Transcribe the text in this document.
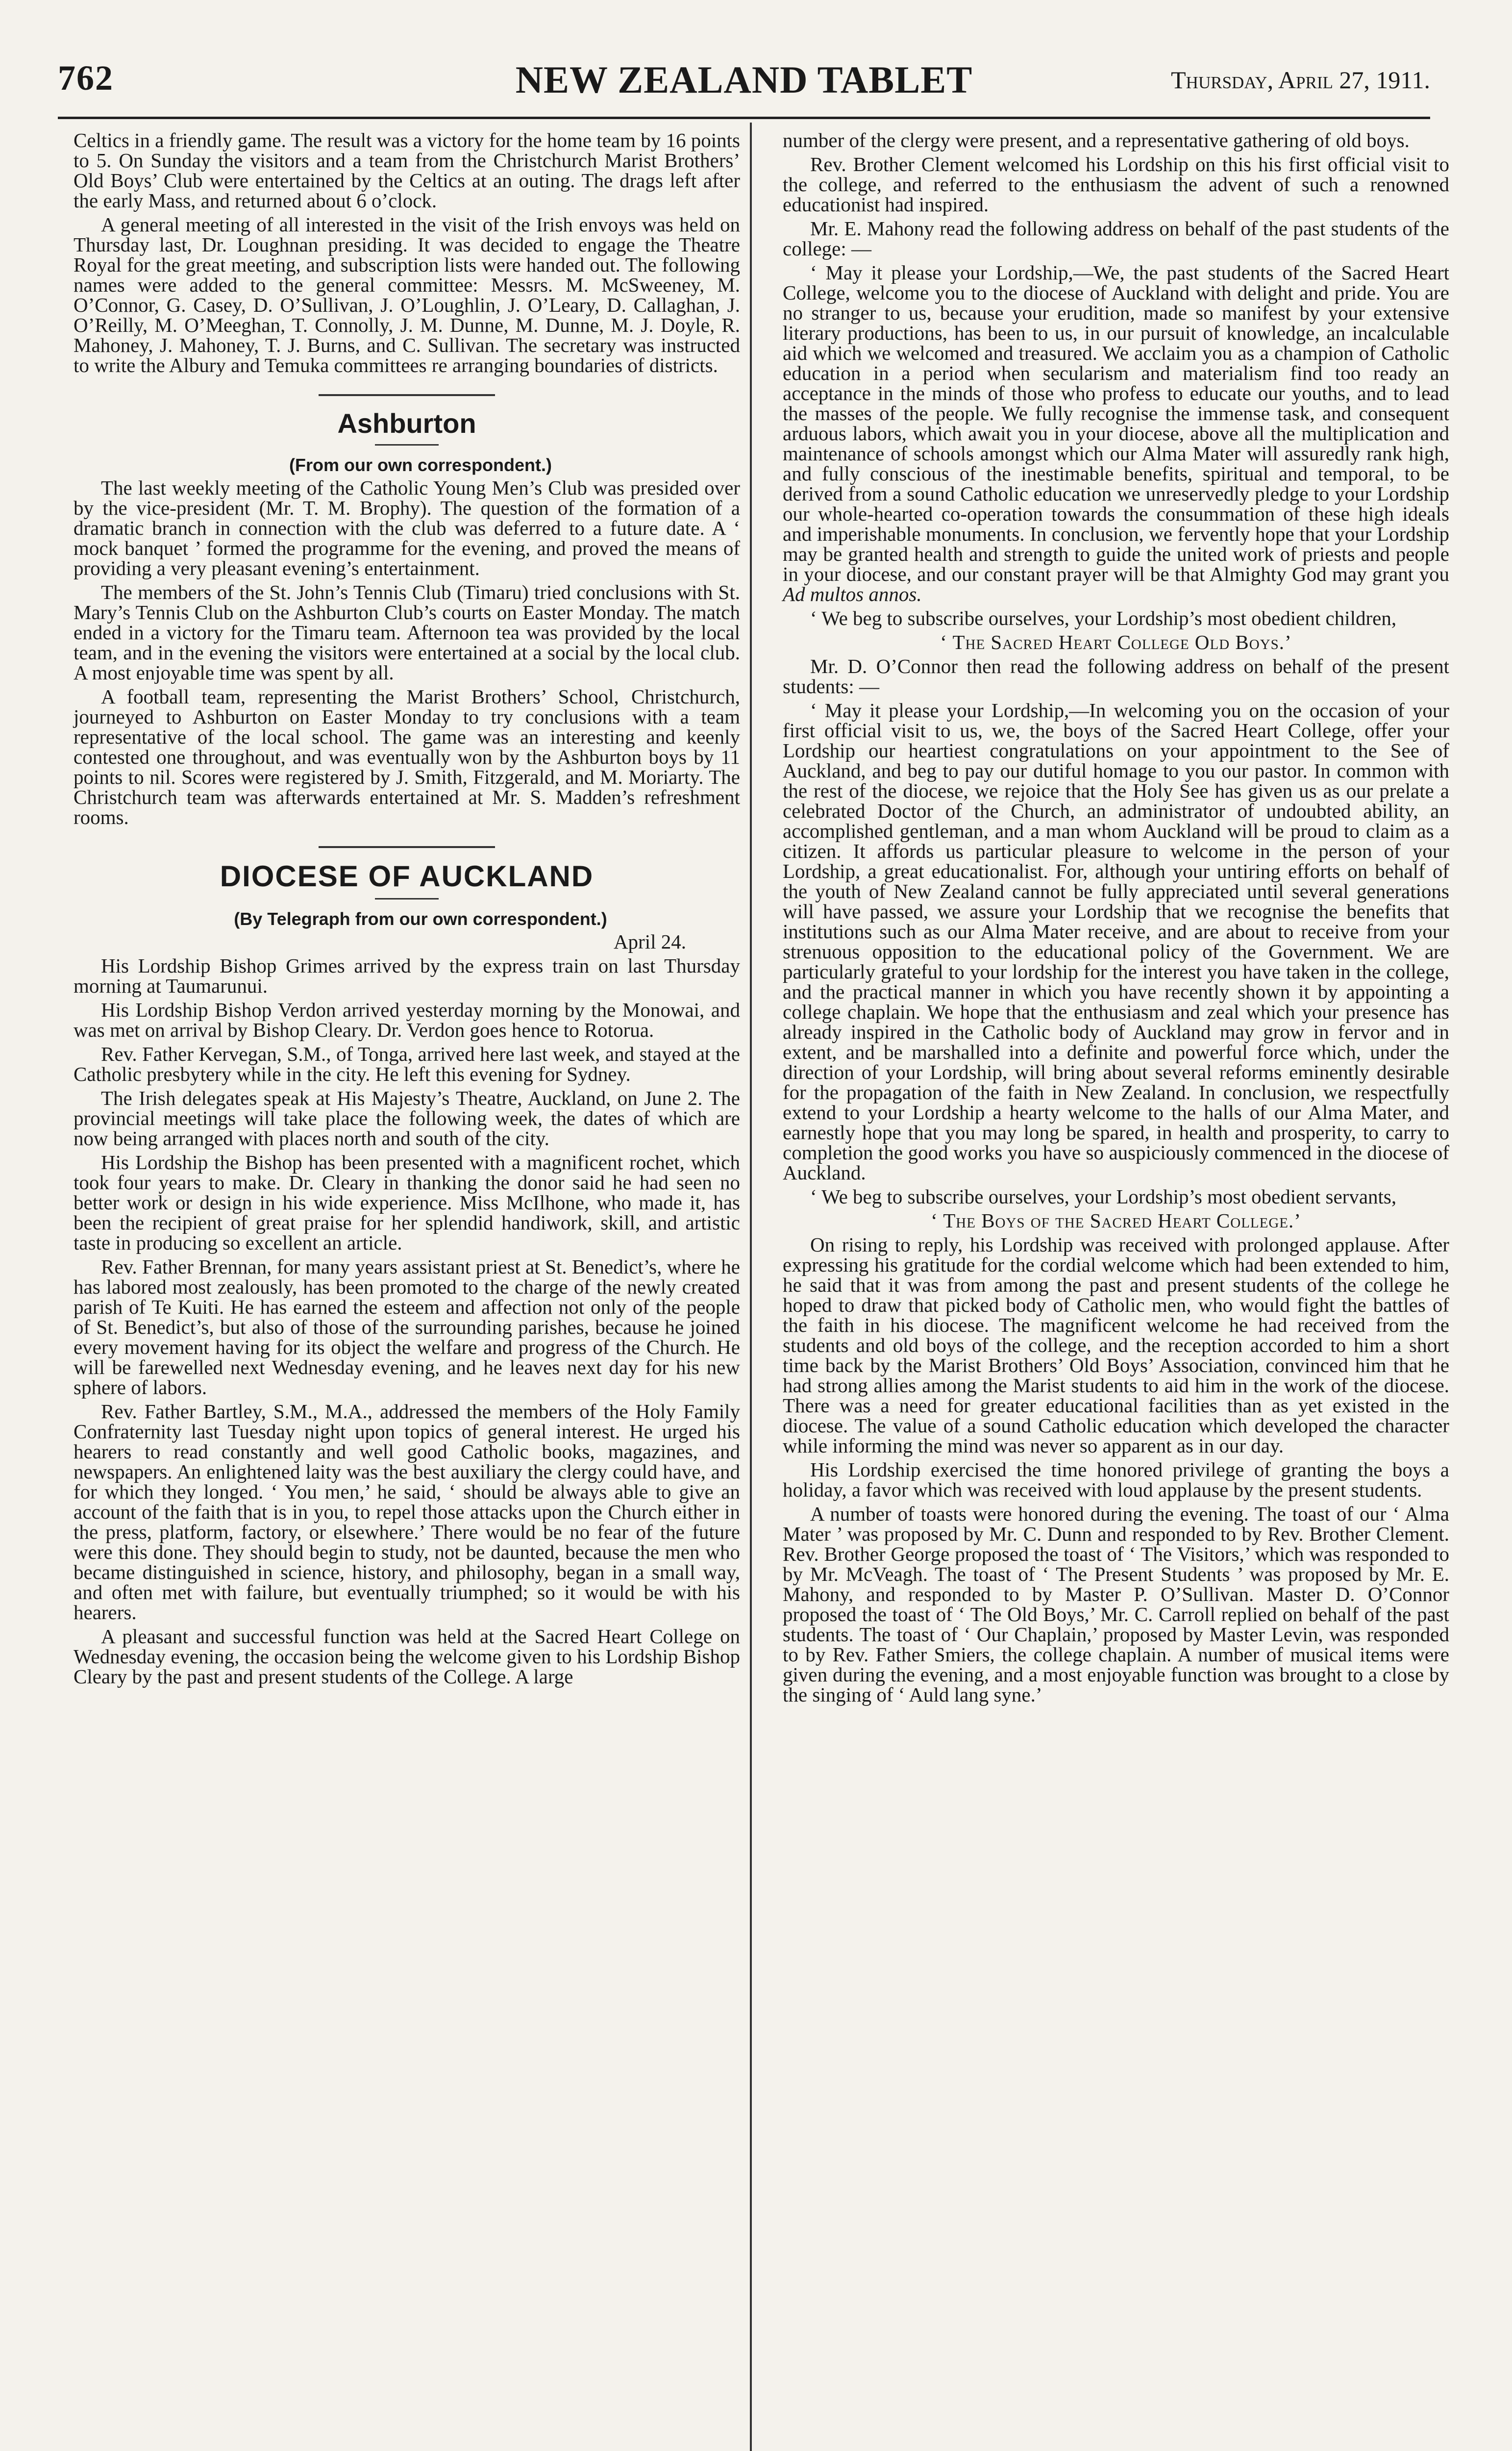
762	NEW ZEALAND TABLET	Thursday, April 27, 1911.

Celtics in a friendly game. The result was a victory for the home team by 16 points to 5. On Sunday the visitors and a team from the Christchurch Marist Brothers’ Old Boys’ Club were entertained by the Celtics at an outing. The drags left after the early Mass, and returned about 6 o’clock.

A general meeting of all interested in the visit of the Irish envoys was held on Thursday last, Dr. Loughnan presiding. It was decided to engage the Theatre Royal for the great meeting, and subscription lists were handed out. The following names were added to the general committee: Messrs. M. McSweeney, M. O’Connor, G. Casey, D. O’Sullivan, J. O’Loughlin, J. O’Leary, D. Callaghan, J. O’Reilly, M. O’Meeghan, T. Connolly, J. M. Dunne, M. Dunne, M. J. Doyle, R. Mahoney, J. Mahoney, T. J. Burns, and C. Sullivan. The secretary was instructed to write the Albury and Temuka committees re arranging boundaries of districts.

Ashburton

(From our own correspondent.)

The last weekly meeting of the Catholic Young Men’s Club was presided over by the vice-president (Mr. T. M. Brophy). The question of the formation of a dramatic branch in connection with the club was deferred to a future date. A ‘ mock banquet ’ formed the programme for the evening, and proved the means of providing a very pleasant evening’s entertainment.

The members of the St. John’s Tennis Club (Timaru) tried conclusions with St. Mary’s Tennis Club on the Ashburton Club’s courts on Easter Monday. The match ended in a victory for the Timaru team. Afternoon tea was provided by the local team, and in the evening the visitors were entertained at a social by the local club. A most enjoyable time was spent by all.

A football team, representing the Marist Brothers’ School, Christchurch, journeyed to Ashburton on Easter Monday to try conclusions with a team representative of the local school. The game was an interesting and keenly contested one throughout, and was eventually won by the Ashburton boys by 11 points to nil. Scores were registered by J. Smith, Fitzgerald, and M. Moriarty. The Christchurch team was afterwards entertained at Mr. S. Madden’s refreshment rooms.

DIOCESE OF AUCKLAND

(By Telegraph from our own correspondent.)

April 24.

His Lordship Bishop Grimes arrived by the express train on last Thursday morning at Taumarunui.

His Lordship Bishop Verdon arrived yesterday morning by the Monowai, and was met on arrival by Bishop Cleary. Dr. Verdon goes hence to Rotorua.

Rev. Father Kervegan, S.M., of Tonga, arrived here last week, and stayed at the Catholic presbytery while in the city. He left this evening for Sydney.

The Irish delegates speak at His Majesty’s Theatre, Auckland, on June 2. The provincial meetings will take place the following week, the dates of which are now being arranged with places north and south of the city.

His Lordship the Bishop has been presented with a magnificent rochet, which took four years to make. Dr. Cleary in thanking the donor said he had seen no better work or design in his wide experience. Miss McIlhone, who made it, has been the recipient of great praise for her splendid handiwork, skill, and artistic taste in producing so excellent an article.

Rev. Father Brennan, for many years assistant priest at St. Benedict’s, where he has labored most zealously, has been promoted to the charge of the newly created parish of Te Kuiti. He has earned the esteem and affection not only of the people of St. Benedict’s, but also of those of the surrounding parishes, because he joined every movement having for its object the welfare and progress of the Church. He will be farewelled next Wednesday evening, and he leaves next day for his new sphere of labors.

Rev. Father Bartley, S.M., M.A., addressed the members of the Holy Family Confraternity last Tuesday night upon topics of general interest. He urged his hearers to read constantly and well good Catholic books, magazines, and newspapers. An enlightened laity was the best auxiliary the clergy could have, and for which they longed. ‘ You men,’ he said, ‘ should be always able to give an account of the faith that is in you, to repel those attacks upon the Church either in the press, platform, factory, or elsewhere.’ There would be no fear of the future were this done. They should begin to study, not be daunted, because the men who became distinguished in science, history, and philosophy, began in a small way, and often met with failure, but eventually triumphed; so it would be with his hearers.

A pleasant and successful function was held at the Sacred Heart College on Wednesday evening, the occasion being the welcome given to his Lordship Bishop Cleary by the past and present students of the College. A large

number of the clergy were present, and a representative gathering of old boys.

Rev. Brother Clement welcomed his Lordship on this his first official visit to the college, and referred to the enthusiasm the advent of such a renowned educationist had inspired.

Mr. E. Mahony read the following address on behalf of the past students of the college: —

‘ May it please your Lordship,—We, the past students of the Sacred Heart College, welcome you to the diocese of Auckland with delight and pride. You are no stranger to us, because your erudition, made so manifest by your extensive literary productions, has been to us, in our pursuit of knowledge, an incalculable aid which we welcomed and treasured. We acclaim you as a champion of Catholic education in a period when secularism and materialism find too ready an acceptance in the minds of those who profess to educate our youths, and to lead the masses of the people. We fully recognise the immense task, and consequent arduous labors, which await you in your diocese, above all the multiplication and maintenance of schools amongst which our Alma Mater will assuredly rank high, and fully conscious of the inestimable benefits, spiritual and temporal, to be derived from a sound Catholic education we unreservedly pledge to your Lordship our whole-hearted co-operation towards the consummation of these high ideals and imperishable monuments. In conclusion, we fervently hope that your Lordship may be granted health and strength to guide the united work of priests and people in your diocese, and our constant prayer will be that Almighty God may grant you Ad multos annos.

‘ We beg to subscribe ourselves, your Lordship’s most obedient children,

‘ The Sacred Heart College Old Boys.’

Mr. D. O’Connor then read the following address on behalf of the present students: —

‘ May it please your Lordship,—In welcoming you on the occasion of your first official visit to us, we, the boys of the Sacred Heart College, offer your Lordship our heartiest congratulations on your appointment to the See of Auckland, and beg to pay our dutiful homage to you our pastor. In common with the rest of the diocese, we rejoice that the Holy See has given us as our prelate a celebrated Doctor of the Church, an administrator of undoubted ability, an accomplished gentleman, and a man whom Auckland will be proud to claim as a citizen. It affords us particular pleasure to welcome in the person of your Lordship, a great educationalist. For, although your untiring efforts on behalf of the youth of New Zealand cannot be fully appreciated until several generations will have passed, we assure your Lordship that we recognise the benefits that institutions such as our Alma Mater receive, and are about to receive from your strenuous opposition to the educational policy of the Government. We are particularly grateful to your lordship for the interest you have taken in the college, and the practical manner in which you have recently shown it by appointing a college chaplain. We hope that the enthusiasm and zeal which your presence has already inspired in the Catholic body of Auckland may grow in fervor and in extent, and be marshalled into a definite and powerful force which, under the direction of your Lordship, will bring about several reforms eminently desirable for the propagation of the faith in New Zealand. In conclusion, we respectfully extend to your Lordship a hearty welcome to the halls of our Alma Mater, and earnestly hope that you may long be spared, in health and prosperity, to carry to completion the good works you have so auspiciously commenced in the diocese of Auckland.

‘ We beg to subscribe ourselves, your Lordship’s most obedient servants,

‘ The Boys of the Sacred Heart College.’

On rising to reply, his Lordship was received with prolonged applause. After expressing his gratitude for the cordial welcome which had been extended to him, he said that it was from among the past and present students of the college he hoped to draw that picked body of Catholic men, who would fight the battles of the faith in his diocese. The magnificent welcome he had received from the students and old boys of the college, and the reception accorded to him a short time back by the Marist Brothers’ Old Boys’ Association, convinced him that he had strong allies among the Marist students to aid him in the work of the diocese. There was a need for greater educational facilities than as yet existed in the diocese. The value of a sound Catholic education which developed the character while informing the mind was never so apparent as in our day.

His Lordship exercised the time honored privilege of granting the boys a holiday, a favor which was received with loud applause by the present students.

A number of toasts were honored during the evening. The toast of our ‘ Alma Mater ’ was proposed by Mr. C. Dunn and responded to by Rev. Brother Clement. Rev. Brother George proposed the toast of ‘ The Visitors,’ which was responded to by Mr. McVeagh. The toast of ‘ The Present Students ’ was proposed by Mr. E. Mahony, and responded to by Master P. O’Sullivan. Master D. O’Connor proposed the toast of ‘ The Old Boys,’ Mr. C. Carroll replied on behalf of the past students. The toast of ‘ Our Chaplain,’ proposed by Master Levin, was responded to by Rev. Father Smiers, the college chaplain. A number of musical items were given during the evening, and a most enjoyable function was brought to a close by the singing of ‘ Auld lang syne.’
